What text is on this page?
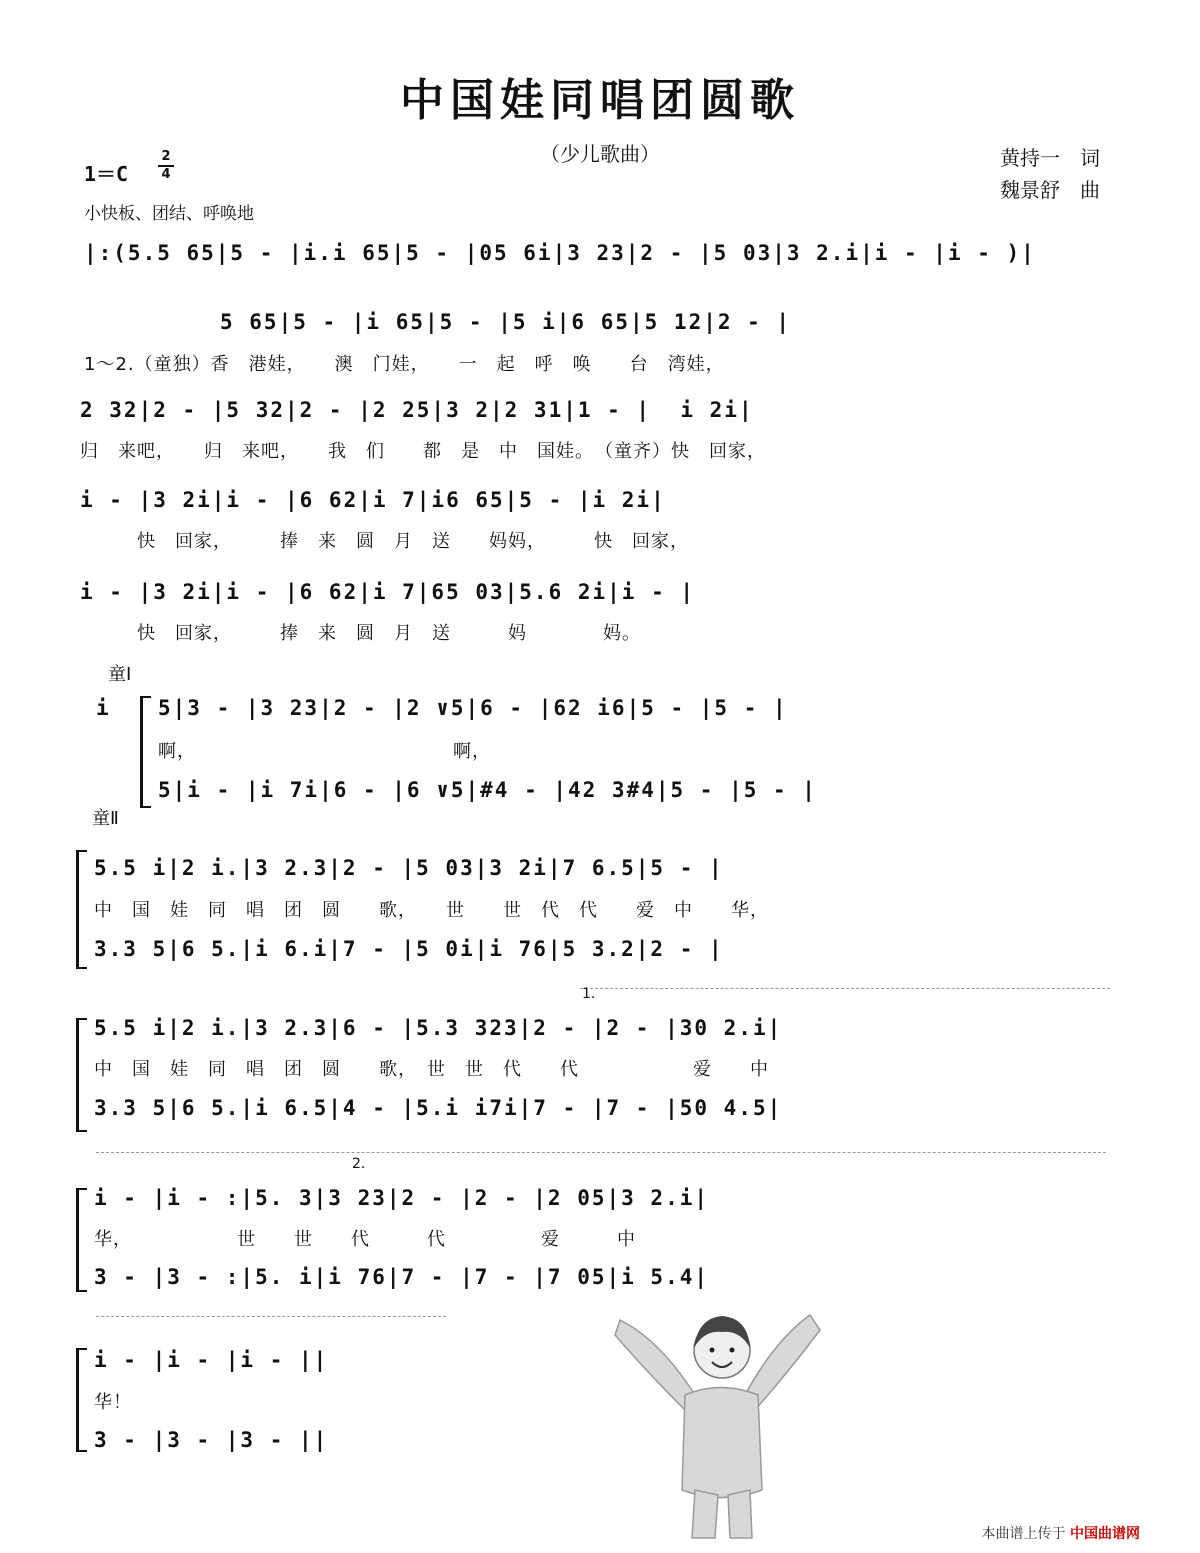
中国娃同唱团圆歌
（少儿歌曲）	黄持一　词
魏景舒　曲
1＝C
2
4
小快板、团结、呼唤地
|:(5.5 65|5 - |i.i 65|5 - |05 6i|3 23|2 - |5 03|3 2.i|i - |i - )|
5 65|5 - |i 65|5 - |5 i|6 65|5 12|2 - |
1～2.（童独）香　港娃，　　澳　门娃，　　一　起　呼　唤　　台　湾娃，
2 32|2 - |5 32|2 - |2 25|3 2|2 31|1 - |  i 2i|
归　来吧，　　归　来吧，　　我　们　　都　是　中　国娃。　（童齐）快　回家，
i - |3 2i|i - |6 62|i 7|i6 65|5 - |i 2i|
　　　快　回家，　　　捧　来　圆　月　送　　妈妈，　　　快　回家，
i - |3 2i|i - |6 62|i 7|65 03|5.6 2i|i - |
　　　快　回家，　　　捧　来　圆　月　送　　　妈　　　　妈。
童Ⅰ
童Ⅱ
i 5|3 - |3 23|2 - |2 ∨5|6 - |62 i6|5 - |5 - |
啊，　　　　　　　　　　　　　　啊，
5|i - |i 7i|6 - |6 ∨5|#4 - |42 3#4|5 - |5 - |
5.5 i|2 i.|3 2.3|2 - |5 03|3 2i|7 6.5|5 - |
中　国　娃　同　唱　团　圆　　歌，　　世　　世　代　代　　爱　中　　华，
3.3 5|6 5.|i 6.i|7 - |5 0i|i 76|5 3.2|2 - |
1.
5.5 i|2 i.|3 2.3|6 - |5.3 323|2 - |2 - |30 2.i|
中　国　娃　同　唱　团　圆　　歌，　世　世　代　　代　　　　　　爱　　中
3.3 5|6 5.|i 6.5|4 - |5.i i7i|7 - |7 - |50 4.5|
2.
i - |i - :|5. 3|3 23|2 - |2 - |2 05|3 2.i|
华，　　　　　　世　　世　　代　　　代　　　　　爱　　　中
3 - |3 - :|5. i|i 76|7 - |7 - |7 05|i 5.4|
i - |i - |i - ||
华！
3 - |3 - |3 - ||
本曲谱上传于 中国曲谱网
